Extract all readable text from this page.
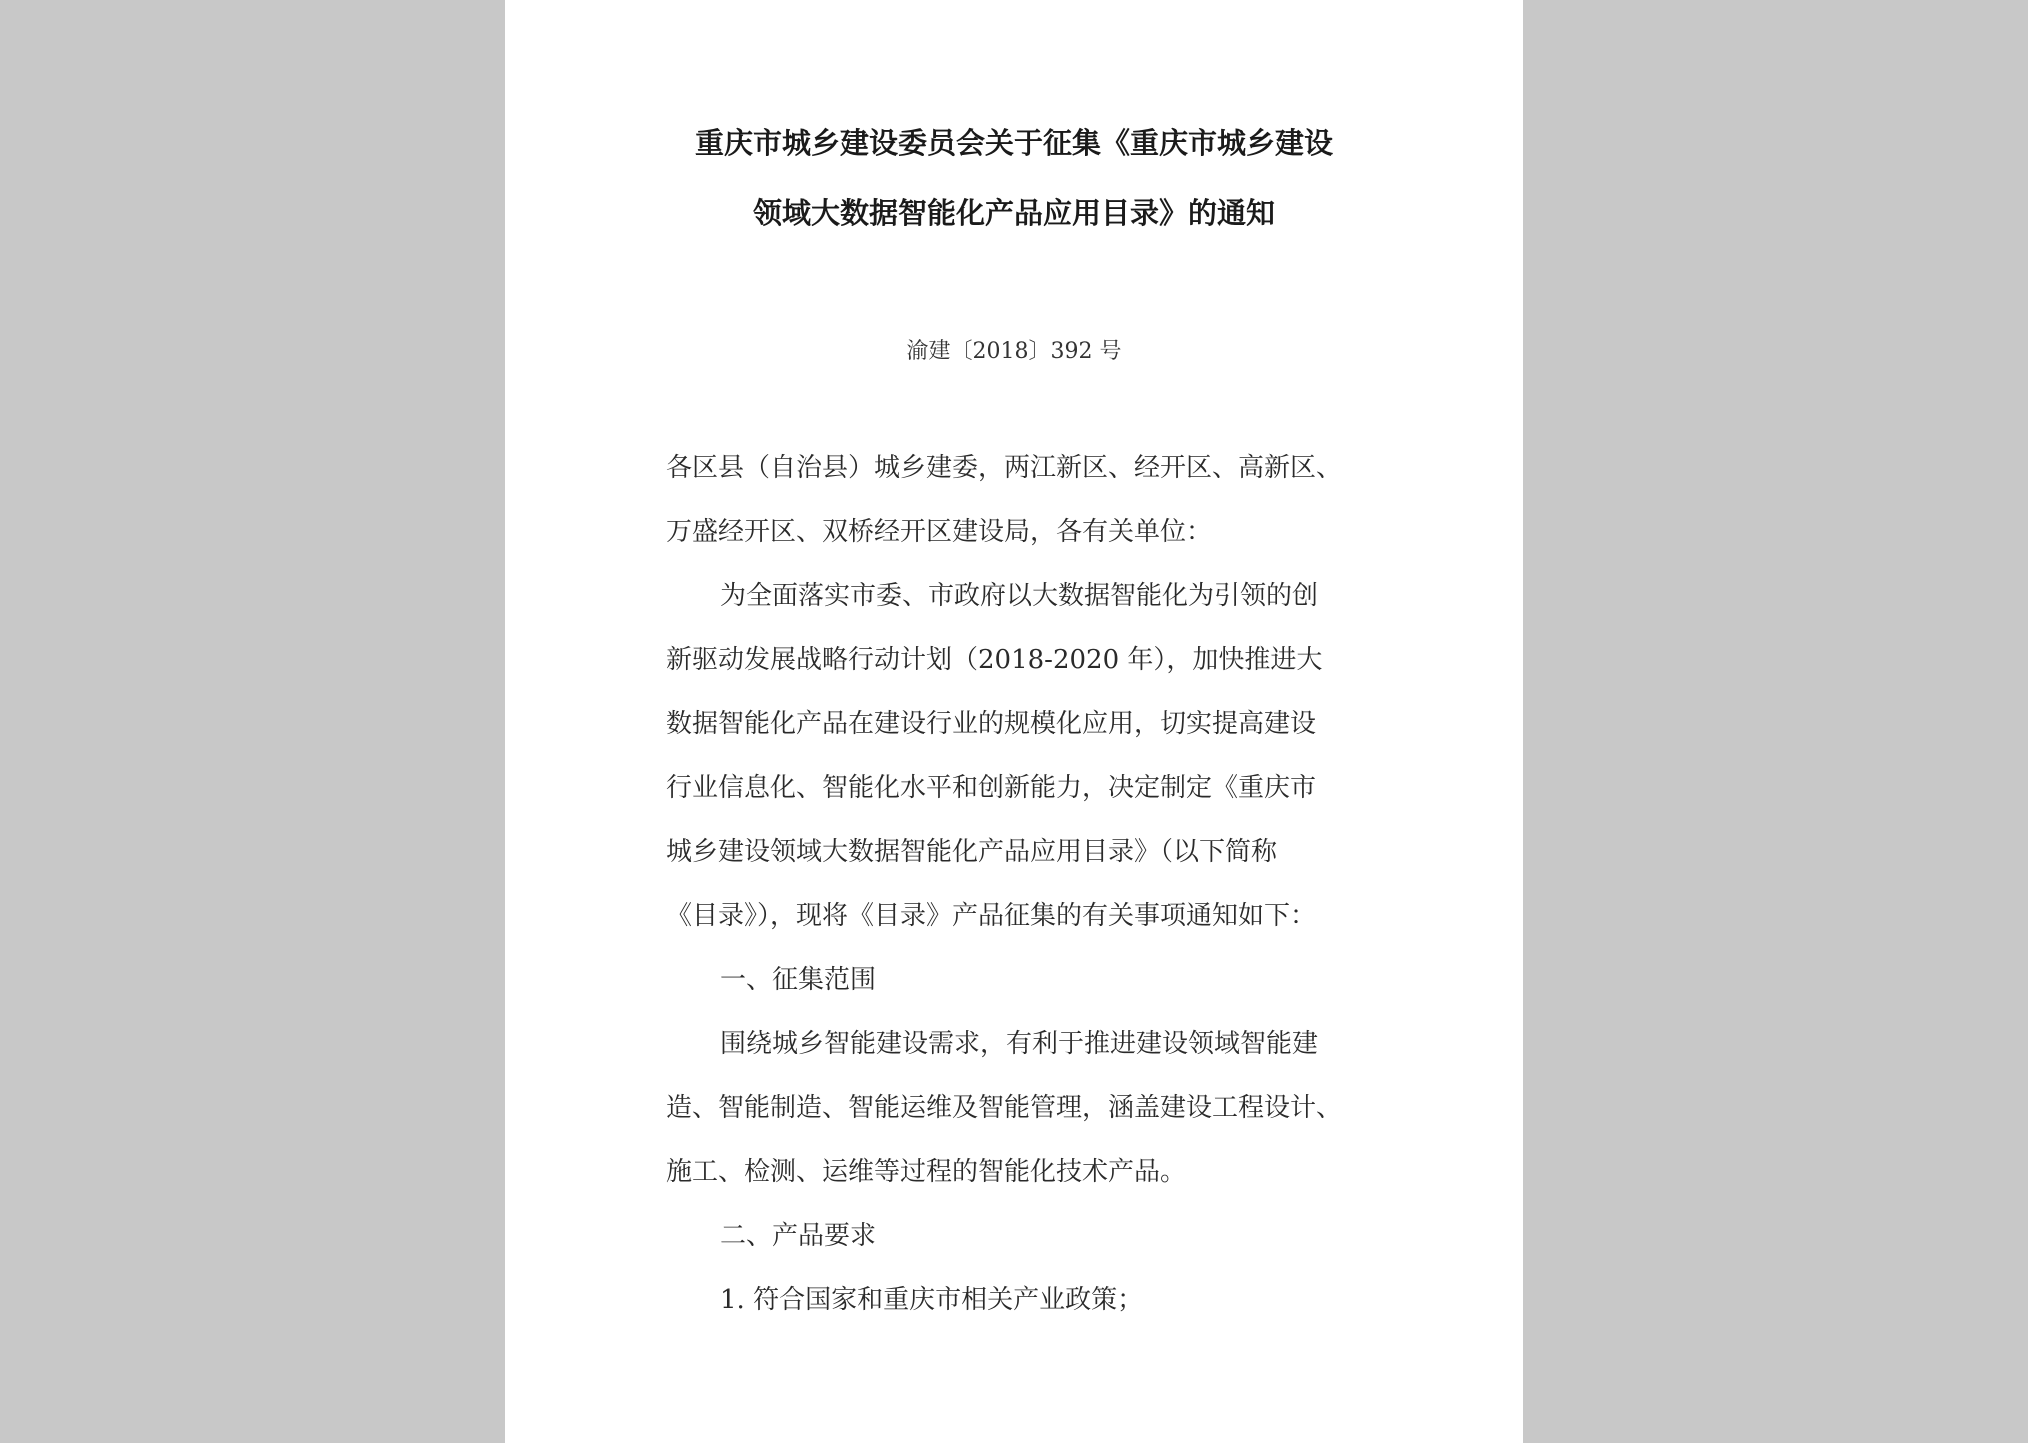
重庆市城乡建设委员会关于征集《重庆市城乡建设
领域大数据智能化产品应用目录》的通知
渝建〔2018〕392 号
各区县（自治县）城乡建委，两江新区、经开区、高新区、
万盛经开区、双桥经开区建设局，各有关单位：
为全面落实市委、市政府以大数据智能化为引领的创
新驱动发展战略行动计划（2018-2020 年），加快推进大
数据智能化产品在建设行业的规模化应用，切实提高建设
行业信息化、智能化水平和创新能力，决定制定《重庆市
城乡建设领域大数据智能化产品应用目录》（以下简称
《目录》），现将《目录》产品征集的有关事项通知如下：
一、征集范围
围绕城乡智能建设需求，有利于推进建设领域智能建
造、智能制造、智能运维及智能管理，涵盖建设工程设计、
施工、检测、运维等过程的智能化技术产品。
二、产品要求
1. 符合国家和重庆市相关产业政策；
